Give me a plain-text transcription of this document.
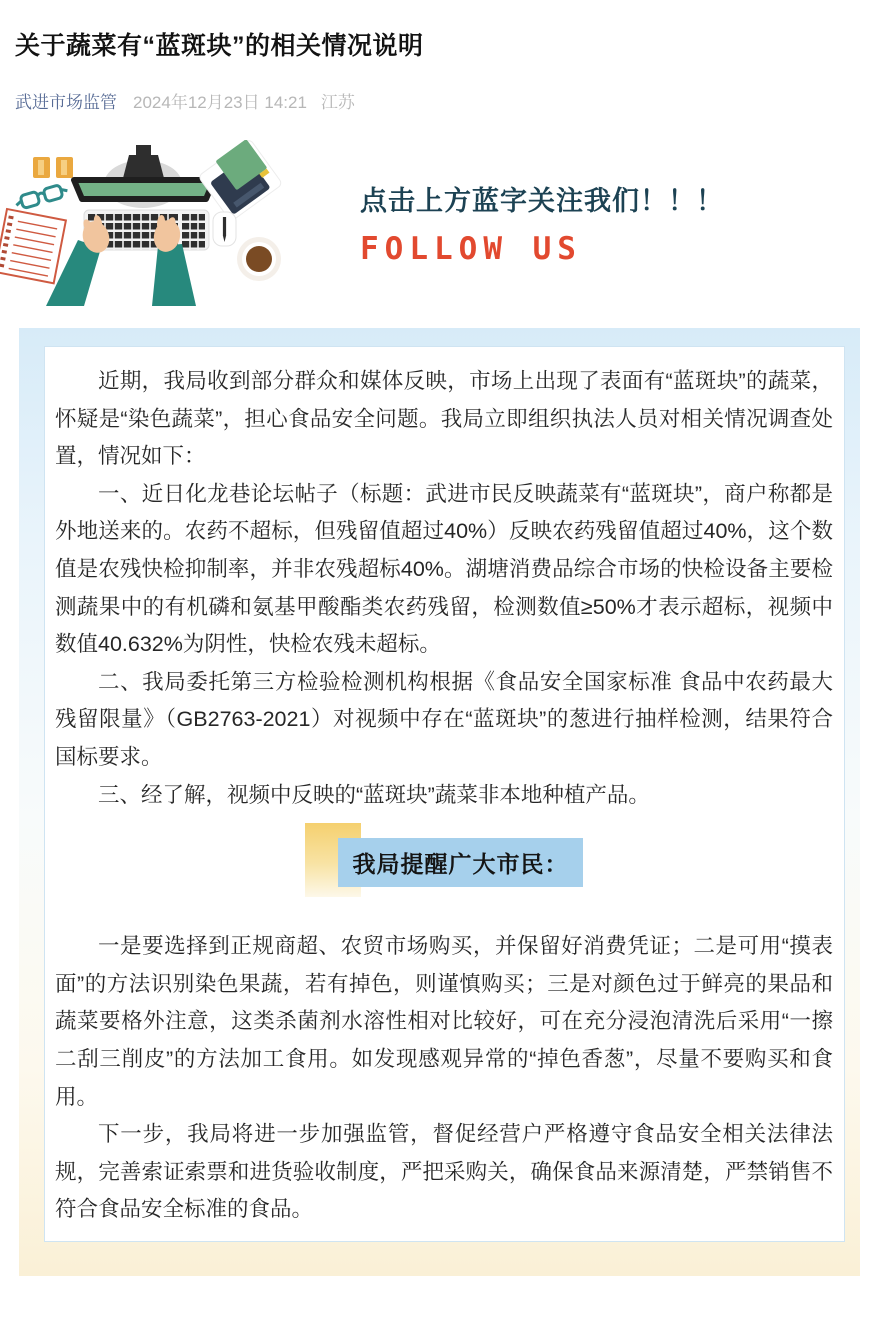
关于蔬菜有“蓝斑块”的相关情况说明
武进市场监管 2024年12月23日 14:21 江苏
点击上方蓝字关注我们！！！
FOLLOW US

近期，我局收到部分群众和媒体反映，市场上出现了表面有“蓝斑块”的蔬菜，怀疑是“染色蔬菜”，担心食品安全问题。我局立即组织执法人员对相关情况调查处置，情况如下：

一、近日化龙巷论坛帖子（标题：武进市民反映蔬菜有“蓝斑块”，商户称都是外地送来的。农药不超标，但残留值超过40%）反映农药残留值超过40%，这个数值是农残快检抑制率，并非农残超标40%。湖塘消费品综合市场的快检设备主要检测蔬果中的有机磷和氨基甲酸酯类农药残留，检测数值≥50%才表示超标，视频中数值40.632%为阴性，快检农残未超标。

二、我局委托第三方检验检测机构根据《食品安全国家标准 食品中农药最大残留限量》（GB2763-2021）对视频中存在“蓝斑块”的葱进行抽样检测，结果符合国标要求。

三、经了解，视频中反映的“蓝斑块”蔬菜非本地种植产品。

我局提醒广大市民：

一是要选择到正规商超、农贸市场购买，并保留好消费凭证；二是可用“摸表面”的方法识别染色果蔬，若有掉色，则谨慎购买；三是对颜色过于鲜亮的果品和蔬菜要格外注意，这类杀菌剂水溶性相对比较好，可在充分浸泡清洗后采用“一擦二刮三削皮”的方法加工食用。如发现感观异常的“掉色香葱”，尽量不要购买和食用。

下一步，我局将进一步加强监管，督促经营户严格遵守食品安全相关法律法规，完善索证索票和进货验收制度，严把采购关，确保食品来源清楚，严禁销售不符合食品安全标准的食品。
